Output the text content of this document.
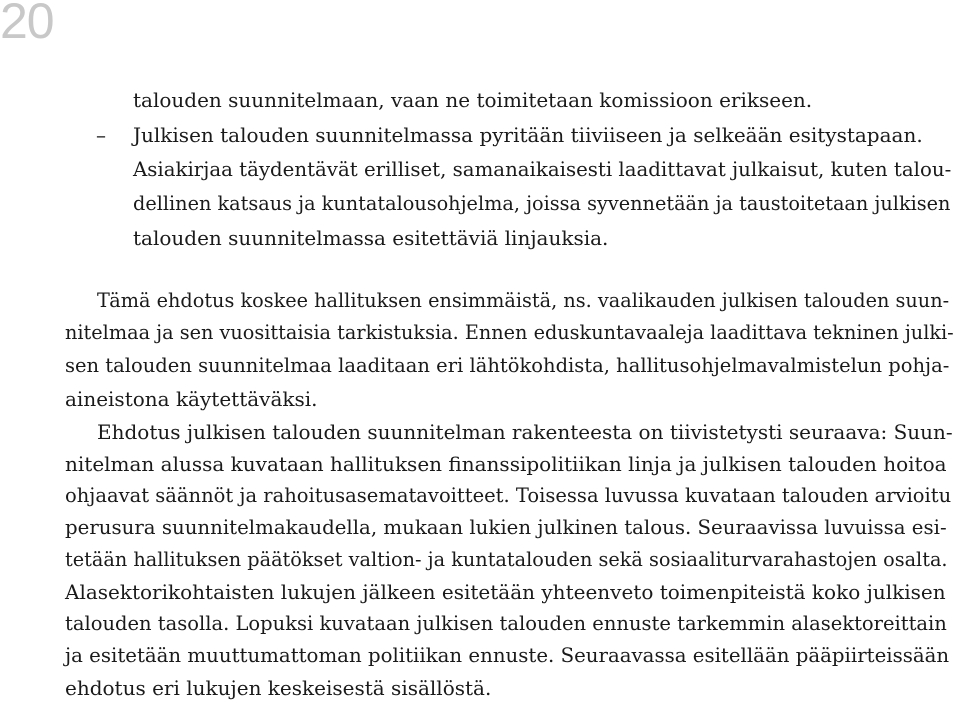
20

talouden suunnitelmaan, vaan ne toimitetaan komissioon erikseen.

– Julkisen talouden suunnitelmassa pyritään tiiviiseen ja selkeään esitystapaan.

Asiakirjaa täydentävät erilliset, samanaikaisesti laadittavat julkaisut, kuten talou-

dellinen katsaus ja kuntatalousohjelma, joissa syvennetään ja taustoitetaan julkisen

talouden suunnitelmassa esitettäviä linjauksia.

Tämä ehdotus koskee hallituksen ensimmäistä, ns. vaalikauden julkisen talouden suun-

nitelmaa ja sen vuosittaisia tarkistuksia. Ennen eduskuntavaaleja laadittava tekninen julki-

sen talouden suunnitelmaa laaditaan eri lähtökohdista, hallitusohjelmavalmistelun pohja-

aineistona käytettäväksi.

Ehdotus julkisen talouden suunnitelman rakenteesta on tiivistetysti seuraava: Suun-

nitelman alussa kuvataan hallituksen finanssipolitiikan linja ja julkisen talouden hoitoa

ohjaavat säännöt ja rahoitusasematavoitteet. Toisessa luvussa kuvataan talouden arvioitu

perusura suunnitelmakaudella, mukaan lukien julkinen talous. Seuraavissa luvuissa esi-

tetään hallituksen päätökset valtion- ja kuntatalouden sekä sosiaaliturvarahastojen osalta.

Alasektorikohtaisten lukujen jälkeen esitetään yhteenveto toimenpiteistä koko julkisen

talouden tasolla. Lopuksi kuvataan julkisen talouden ennuste tarkemmin alasektoreittain

ja esitetään muuttumattoman politiikan ennuste. Seuraavassa esitellään pääpiirteissään

ehdotus eri lukujen keskeisestä sisällöstä.
